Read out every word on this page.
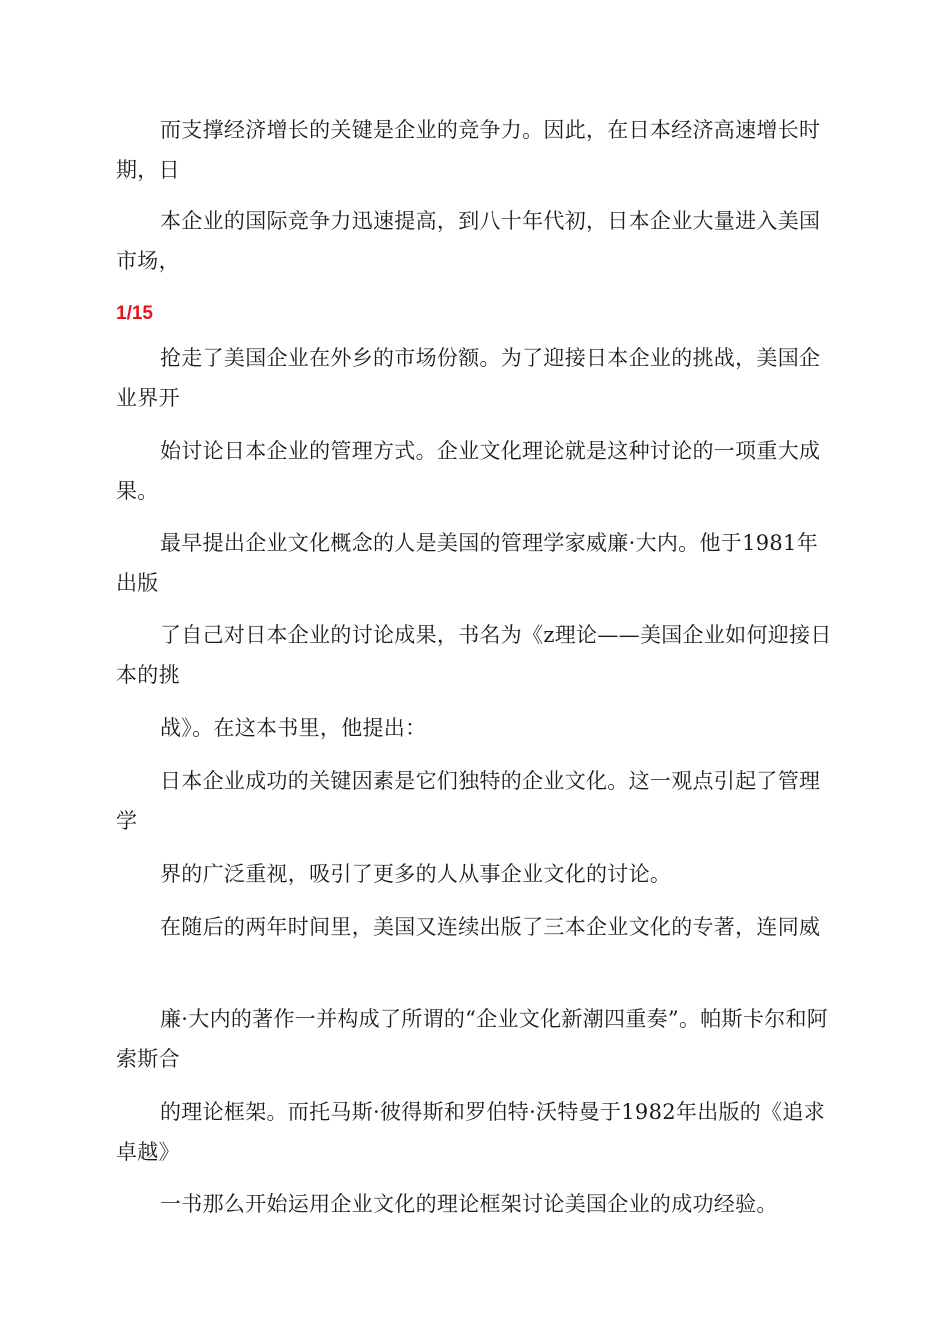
而支撑经济增长的关键是企业的竞争力。因此，在日本经济高速增长时期，日

本企业的国际竞争力迅速提高，到八十年代初，日本企业大量进入美国市场，

1/15

抢走了美国企业在外乡的市场份额。为了迎接日本企业的挑战，美国企业界开

始讨论日本企业的管理方式。企业文化理论就是这种讨论的一项重大成果。

最早提出企业文化概念的人是美国的管理学家威廉·大内。他于1981年出版

了自己对日本企业的讨论成果，书名为《z理论——美国企业如何迎接日本的挑

战》。在这本书里，他提出：

日本企业成功的关键因素是它们独特的企业文化。这一观点引起了管理学

界的广泛重视，吸引了更多的人从事企业文化的讨论。

在随后的两年时间里，美国又连续出版了三本企业文化的专著，连同威

廉·大内的著作一并构成了所谓的“企业文化新潮四重奏”。帕斯卡尔和阿索斯合

的理论框架。而托马斯·彼得斯和罗伯特·沃特曼于1982年出版的《追求卓越》

一书那么开始运用企业文化的理论框架讨论美国企业的成功经验。
